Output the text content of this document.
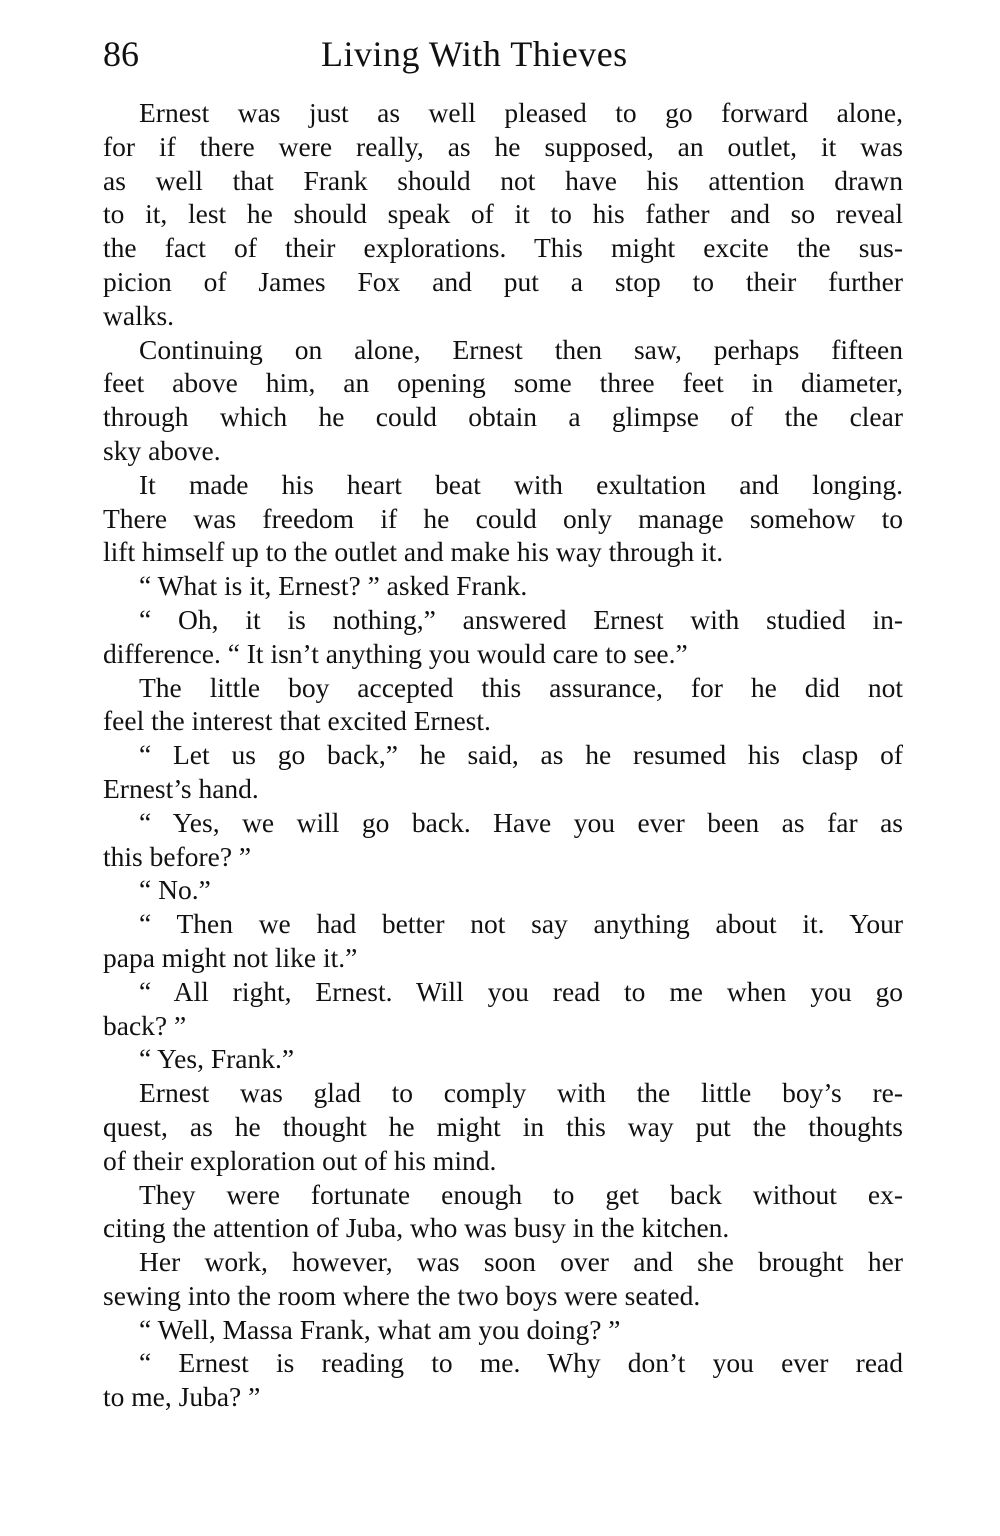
86	Living With Thieves
Ernest was just as well pleased to go forward alone,
for if there were really, as he supposed, an outlet, it was
as well that Frank should not have his attention drawn
to it, lest he should speak of it to his father and so reveal
the fact of their explorations. This might excite the sus-
picion of James Fox and put a stop to their further
walks.
Continuing on alone, Ernest then saw, perhaps fifteen
feet above him, an opening some three feet in diameter,
through which he could obtain a glimpse of the clear
sky above.
It made his heart beat with exultation and longing.
There was freedom if he could only manage somehow to
lift himself up to the outlet and make his way through it.
“ What is it, Ernest? ” asked Frank.
“ Oh, it is nothing,” answered Ernest with studied in-
difference. “ It isn’t anything you would care to see.”
The little boy accepted this assurance, for he did not
feel the interest that excited Ernest.
“ Let us go back,” he said, as he resumed his clasp of
Ernest’s hand.
“ Yes, we will go back. Have you ever been as far as
this before? ”
“ No.”
“ Then we had better not say anything about it. Your
papa might not like it.”
“ All right, Ernest. Will you read to me when you go
back? ”
“ Yes, Frank.”
Ernest was glad to comply with the little boy’s re-
quest, as he thought he might in this way put the thoughts
of their exploration out of his mind.
They were fortunate enough to get back without ex-
citing the attention of Juba, who was busy in the kitchen.
Her work, however, was soon over and she brought her
sewing into the room where the two boys were seated.
“ Well, Massa Frank, what am you doing? ”
“ Ernest is reading to me. Why don’t you ever read
to me, Juba? ”
